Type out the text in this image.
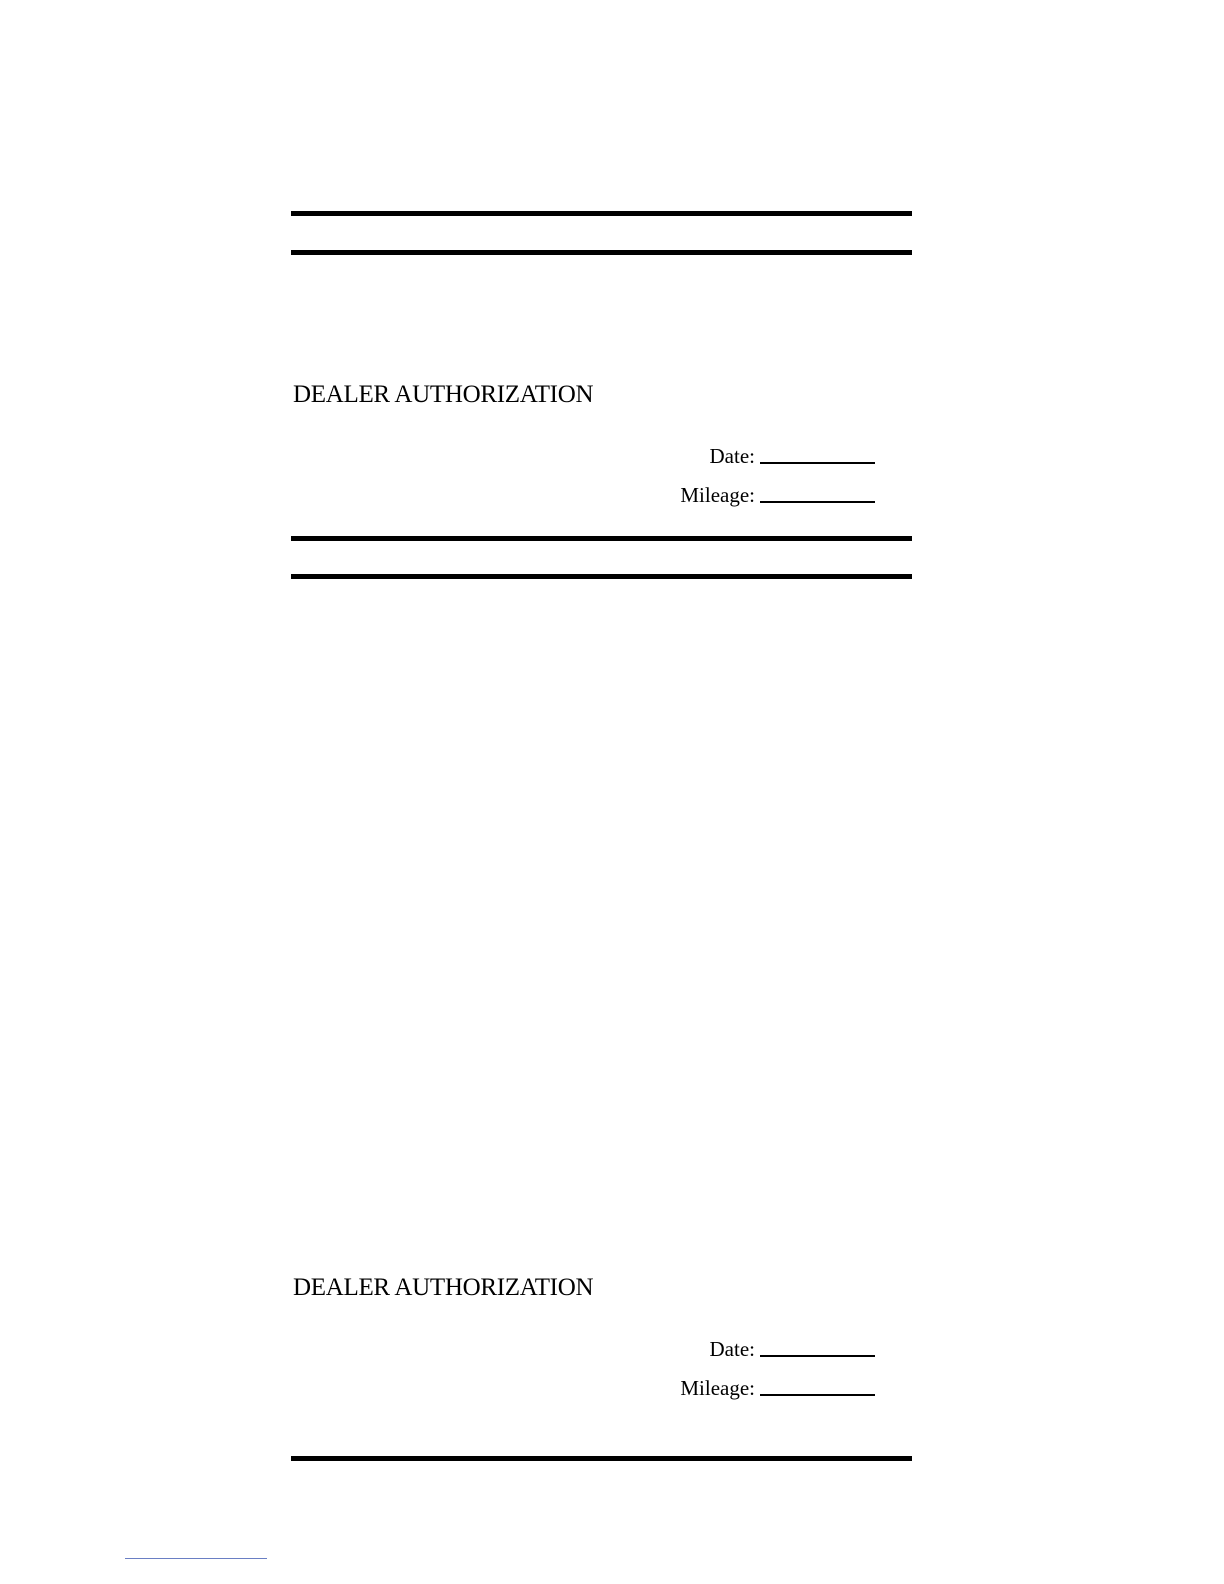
DEALER AUTHORIZATION
Date:
Mileage:
DEALER AUTHORIZATION
Date:
Mileage:
